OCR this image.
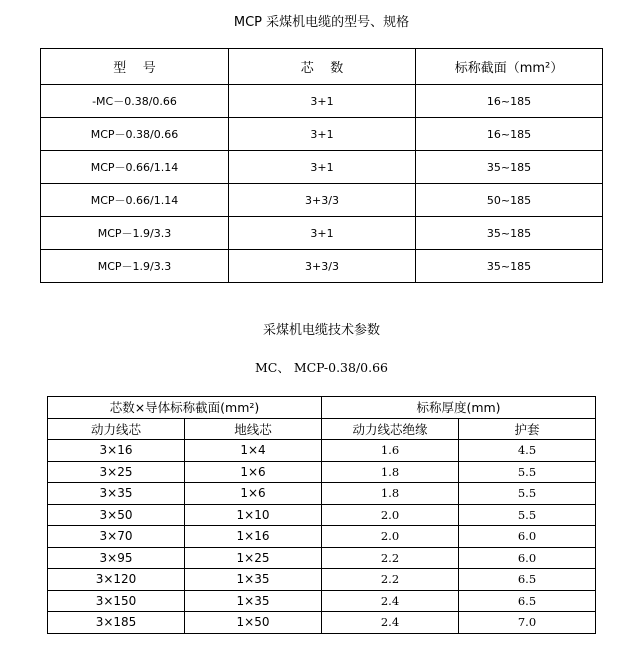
MCP 采煤机电缆的型号、规格
型    号	芯    数	标称截面（mm²）
-MC－0.38/0.66	3+1	16~185
MCP－0.38/0.66	3+1	16~185
MCP－0.66/1.14	3+1	35~185
MCP－0.66/1.14	3+3/3	50~185
MCP－1.9/3.3	3+1	35~185
MCP－1.9/3.3	3+3/3	35~185
采煤机电缆技术参数
MC、 MCP-0.38/0.66
芯数×导体标称截面(mm²)		标称厚度(mm)	
动力线芯	地线芯	动力线芯绝缘	护套
3×16	1×4	1.6	4.5
3×25	1×6	1.8	5.5
3×35	1×6	1.8	5.5
3×50	1×10	2.0	5.5
3×70	1×16	2.0	6.0
3×95	1×25	2.2	6.0
3×120	1×35	2.2	6.5
3×150	1×35	2.4	6.5
3×185	1×50	2.4	7.0
